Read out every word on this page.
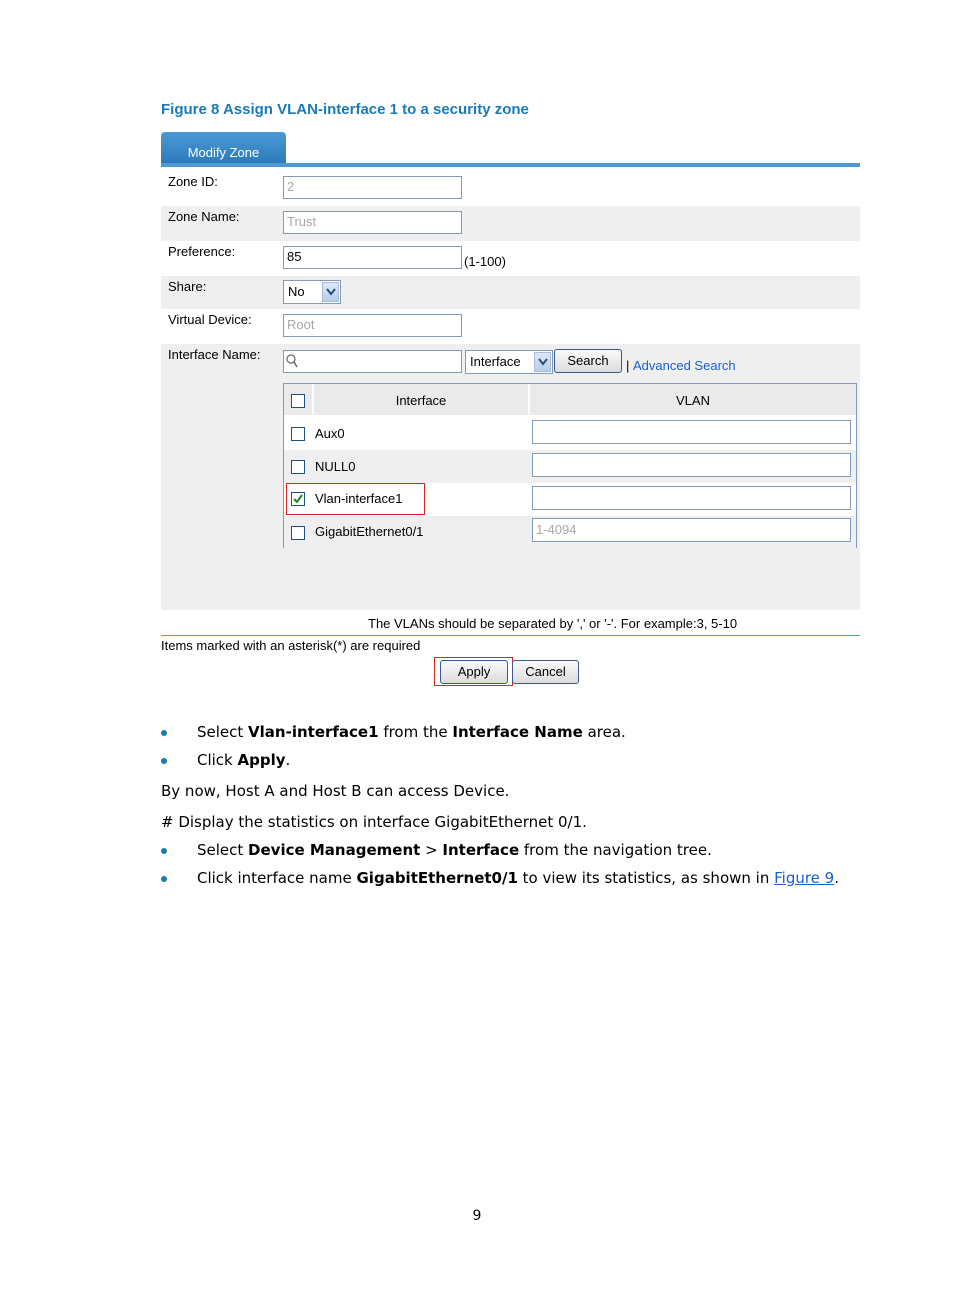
Figure 8 Assign VLAN-interface 1 to a security zone
Modify Zone
Zone ID:	2
Zone Name:	Trust
Preference:	85	(1-100)
Share:	No
Virtual Device:	Root
Interface Name:	Interface	Search	| Advanced Search
Interface	VLAN
Aux0
NULL0
Vlan-interface1
GigabitEthernet0/1	1-4094
The VLANs should be separated by ',' or '-'. For example:3, 5-10
Items marked with an asterisk(*) are required
Apply	Cancel
Select Vlan-interface1 from the Interface Name area.
Click Apply.
By now, Host A and Host B can access Device.
# Display the statistics on interface GigabitEthernet 0/1.
Select Device Management > Interface from the navigation tree.
Click interface name GigabitEthernet0/1 to view its statistics, as shown in Figure 9.
9
